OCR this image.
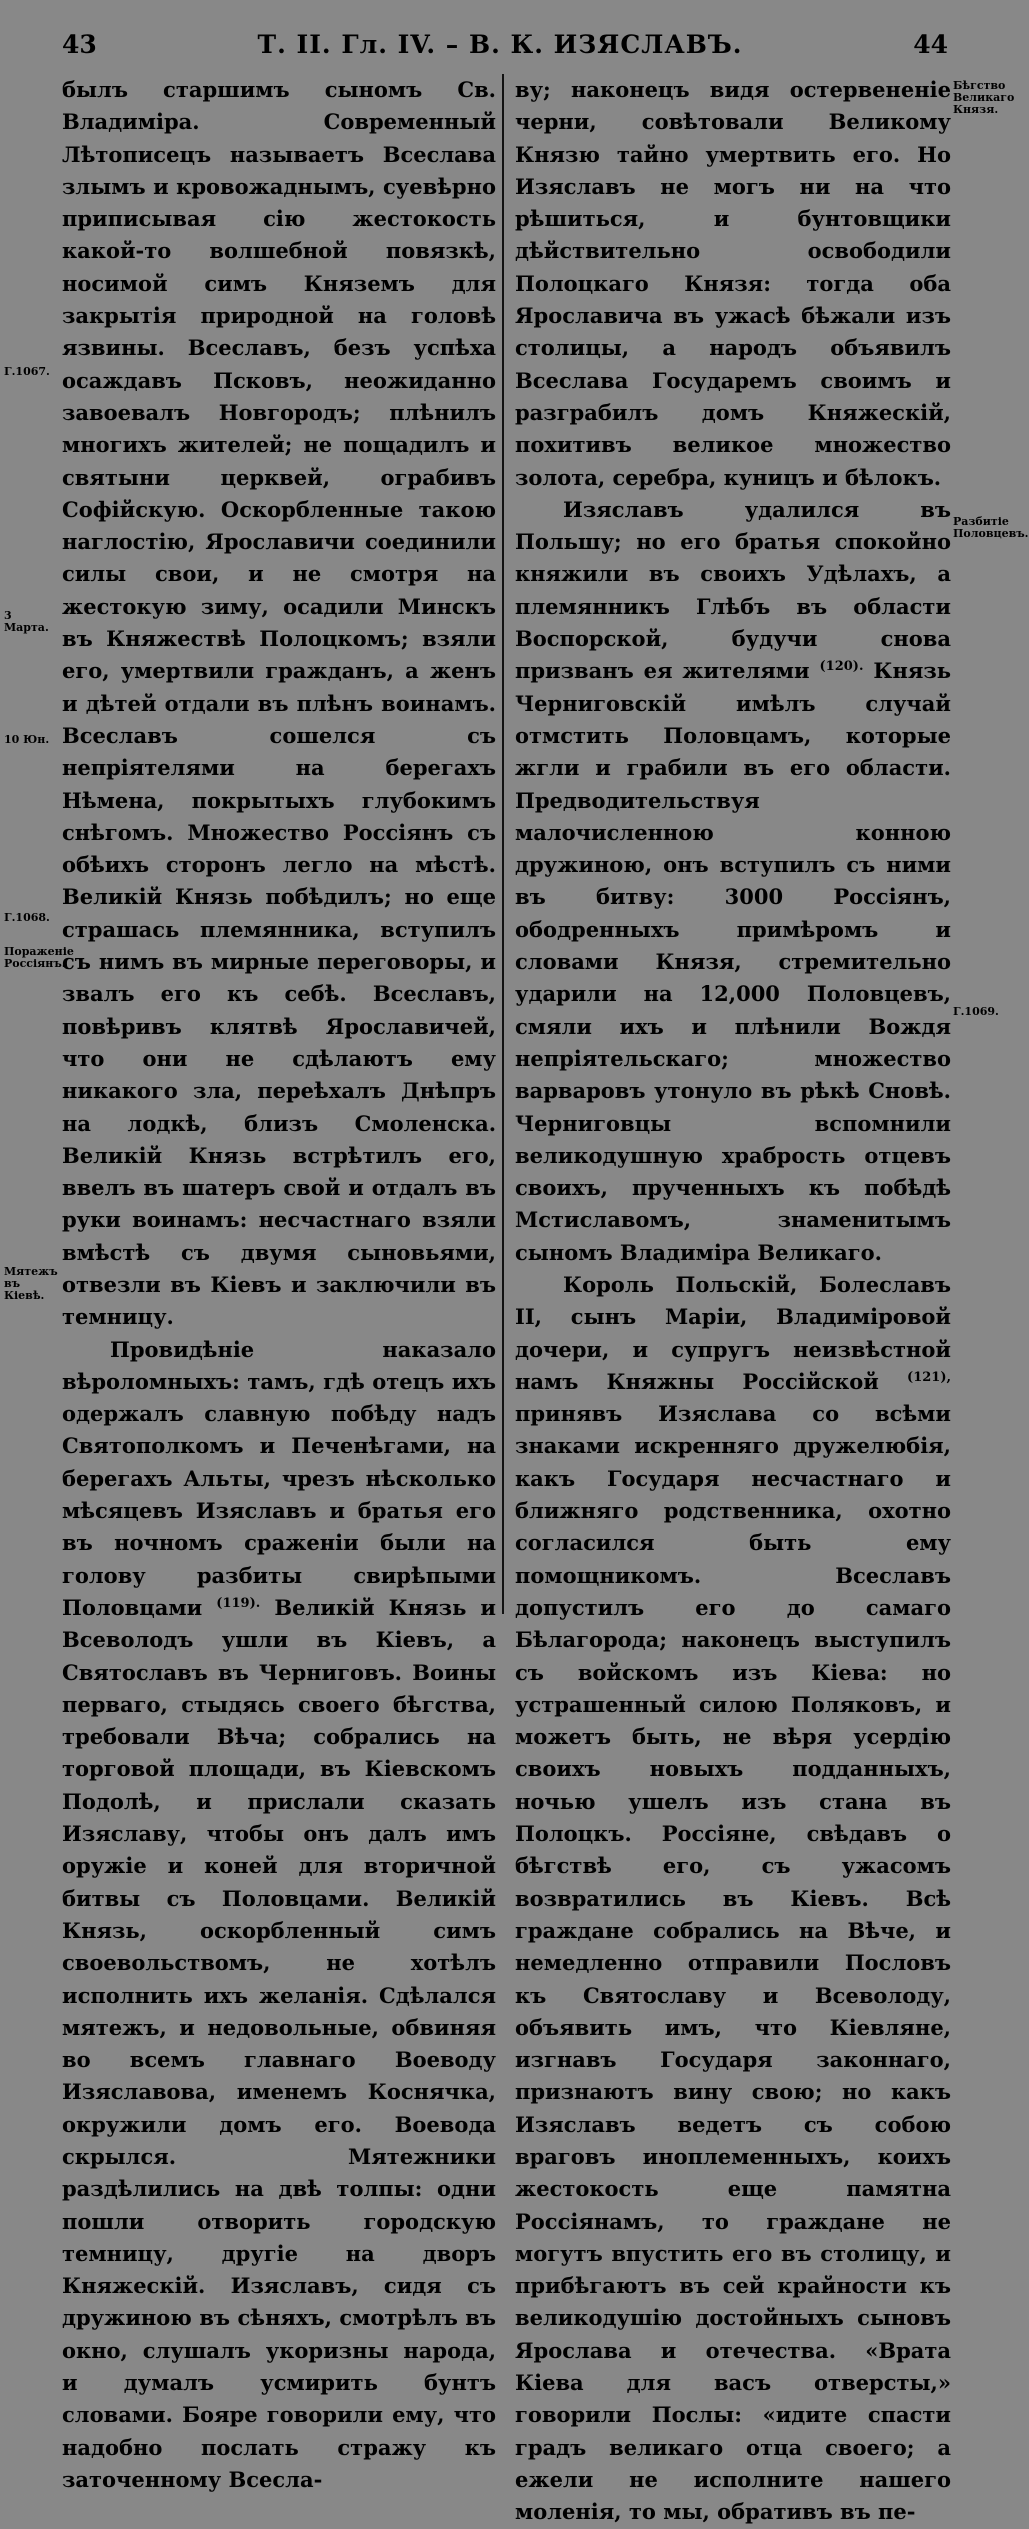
43	Т. II. Гл. IV. – В. К. ИЗЯСЛАВЪ.	44

былъ старшимъ сыномъ Св. Владиміра. Современный Лѣтописецъ называетъ Всеслава злымъ и кровожаднымъ, суевѣрно приписывая сію жестокость какой-то волшебной повязкѣ, носимой симъ Княземъ для закрытія природной на головѣ язвины. Всеславъ, безъ успѣха осаждавъ Псковъ, неожиданно завоевалъ Новгородъ; плѣнилъ многихъ жителей; не пощадилъ и святыни церквей, ограбивъ Софійскую. Оскорбленные такою наглостію, Ярославичи соединили силы свои, и не смотря на жестокую зиму, осадили Минскъ въ Княжествѣ Полоцкомъ; взяли его, умертвили гражданъ, а женъ и дѣтей отдали въ плѣнъ воинамъ. Всеславъ сошелся съ непріятелями на берегахъ Нѣмена, покрытыхъ глубокимъ снѣгомъ. Множество Россіянъ съ обѣихъ сторонъ легло на мѣстѣ. Великій Князь побѣдилъ; но еще страшась племянника, вступилъ съ нимъ въ мирные переговоры, и звалъ его къ себѣ. Всеславъ, повѣривъ клятвѣ Ярославичей, что они не сдѣлаютъ ему никакого зла, переѣхалъ Днѣпръ на лодкѣ, близъ Смоленска. Великій Князь встрѣтилъ его, ввелъ въ шатеръ свой и отдалъ въ руки воинамъ: несчастнаго взяли вмѣстѣ съ двумя сыновьями, отвезли въ Кіевъ и заключили въ темницу.

Провидѣніе наказало вѣроломныхъ: тамъ, гдѣ отецъ ихъ одержалъ славную побѣду надъ Святополкомъ и Печенѣгами, на берегахъ Альты, чрезъ нѣсколько мѣсяцевъ Изяславъ и братья его въ ночномъ сраженіи были на голову разбиты свирѣпыми Половцами $^{(119).}$ Великій Князь и Всеволодъ ушли въ Кіевъ, а Святославъ въ Черниговъ. Воины перваго, стыдясь своего бѣгства, требовали Вѣча; собрались на торговой площади, въ Кіевскомъ Подолѣ, и прислали сказать Изяславу, чтобы онъ далъ имъ оружіе и коней для вторичной битвы съ Половцами. Великій Князь, оскорбленный симъ своевольствомъ, не хотѣлъ исполнить ихъ желанія. Сдѣлался мятежъ, и недовольные, обвиняя во всемъ главнаго Воеводу Изяславова, именемъ Коснячка, окружили домъ его. Воевода скрылся. Мятежники раздѣлились на двѣ толпы: одни пошли отворить городскую темницу, другіе на дворъ Княжескій. Изяславъ, сидя съ дружиною въ сѣняхъ, смотрѣлъ въ окно, слушалъ укоризны народа, и думалъ усмирить бунтъ словами. Бояре говорили ему, что надобно послать стражу къ заточенному Всесла-

ву; наконецъ видя остервененіе черни, совѣтовали Великому Князю тайно умертвить его. Но Изяславъ не могъ ни на что рѣшиться, и бунтовщики дѣйствительно освободили Полоцкаго Князя: тогда оба Ярославича въ ужасѣ бѣжали изъ столицы, а народъ объявилъ Всеслава Государемъ своимъ и разграбилъ домъ Княжескій, похитивъ великое множество золота, серебра, куницъ и бѣлокъ.

Изяславъ удалился въ Польшу; но его братья спокойно княжили въ своихъ Удѣлахъ, а племянникъ Глѣбъ въ области Воспорской, будучи снова призванъ ея жителями $^{(120).}$ Князь Черниговскій имѣлъ случай отмстить Половцамъ, которые жгли и грабили въ его области. Предводительствуя малочисленною конною дружиною, онъ вступилъ съ ними въ битву: 3000 Россіянъ, ободренныхъ примѣромъ и словами Князя, стремительно ударили на 12,000 Половцевъ, смяли ихъ и плѣнили Вождя непріятельскаго; множество варваровъ утонуло въ рѣкѣ Сновѣ. Черниговцы вспомнили великодушную храбрость отцевъ своихъ, прученныхъ къ побѣдѣ Мстиславомъ, знаменитымъ сыномъ Владиміра Великаго.

Король Польскій, Болеславъ II, сынъ Маріи, Владиміровой дочери, и супругъ неизвѣстной намъ Княжны Россійской $^{(121),}$ принявъ Изяслава со всѣми знаками искренняго дружелюбія, какъ Государя несчастнаго и ближняго родственника, охотно согласился быть ему помощникомъ. Всеславъ допустилъ его до самаго Бѣлагорода; наконецъ выступилъ съ войскомъ изъ Кіева: но устрашенный силою Поляковъ, и можетъ быть, не вѣря усердію своихъ новыхъ подданныхъ, ночью ушелъ изъ стана въ Полоцкъ. Россіяне, свѣдавъ о бѣгствѣ его, съ ужасомъ возвратились въ Кіевъ. Всѣ граждане собрались на Вѣче, и немедленно отправили Пословъ къ Святославу и Всеволоду, объявить имъ, что Кіевляне, изгнавъ Государя законнаго, признаютъ вину свою; но какъ Изяславъ ведетъ съ собою враговъ иноплеменныхъ, коихъ жестокость еще памятна Россіянамъ, то граждане не могутъ впустить его въ столицу, и прибѣгаютъ въ сей крайности къ великодушію достойныхъ сыновъ Ярослава и отечества. «Врата Кіева для васъ отверсты,» говорили Послы: «идите спасти градъ великаго отца своего; а ежели не исполните нашего моленія, то мы, обративъ въ пе-

Г.1067.
3 Марта.
10 Юн.
Г.1068.
Пораженіе Россіянъ.
Мятежъ въ Кіевѣ.
Бѣгство Великаго Князя.
Разбитіе Половцевъ.
Г.1069.
